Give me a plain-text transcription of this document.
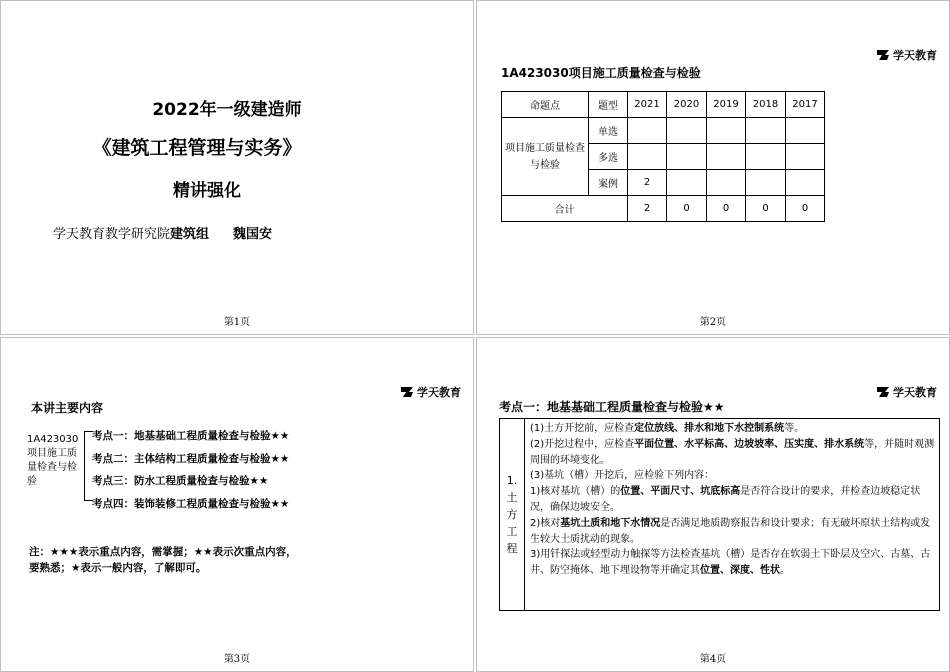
2022年一级建造师
《建筑工程管理与实务》
精讲强化
学天教育教学研究院建筑组 魏国安
第1页
学天教育
1A423030项目施工质量检查与检验
命题点	题型	2021	2020	2019	2018	2017
项目施工质量检查与检验	单选					
	多选					
	案例	2				
合计		2	0	0	0	0
第2页
学天教育
本讲主要内容
1A423030
项目施工质量检查与检验
考点一：地基基础工程质量检查与检验★★
考点二：主体结构工程质量检查与检验★★
考点三：防水工程质量检查与检验★★
考点四：装饰装修工程质量检查与检验★★
注：★★★表示重点内容，需掌握；★★表示次重点内容，
要熟悉；★表示一般内容，了解即可。
第3页
学天教育
考点一：地基基础工程质量检查与检验★★
1.土方工程

(1)土方开挖前，应检查定位放线、排水和地下水控制系统等。

(2)开挖过程中，应检查平面位置、水平标高、边坡坡率、压实度、排水系统等，并随时观测周围的环境变化。

(3)基坑（槽）开挖后，应检验下列内容：

1)核对基坑（槽）的位置、平面尺寸、坑底标高是否符合设计的要求，并检查边坡稳定状况，确保边坡安全。

2)核对基坑土质和地下水情况是否满足地质勘察报告和设计要求；有无破坏原状土结构或发生较大土质扰动的现象。

3)用钎探法或轻型动力触探等方法检查基坑（槽）是否存在软弱土下卧层及空穴、古墓、古井、防空掩体、地下埋设物等并确定其位置、深度、性状。

第4页
